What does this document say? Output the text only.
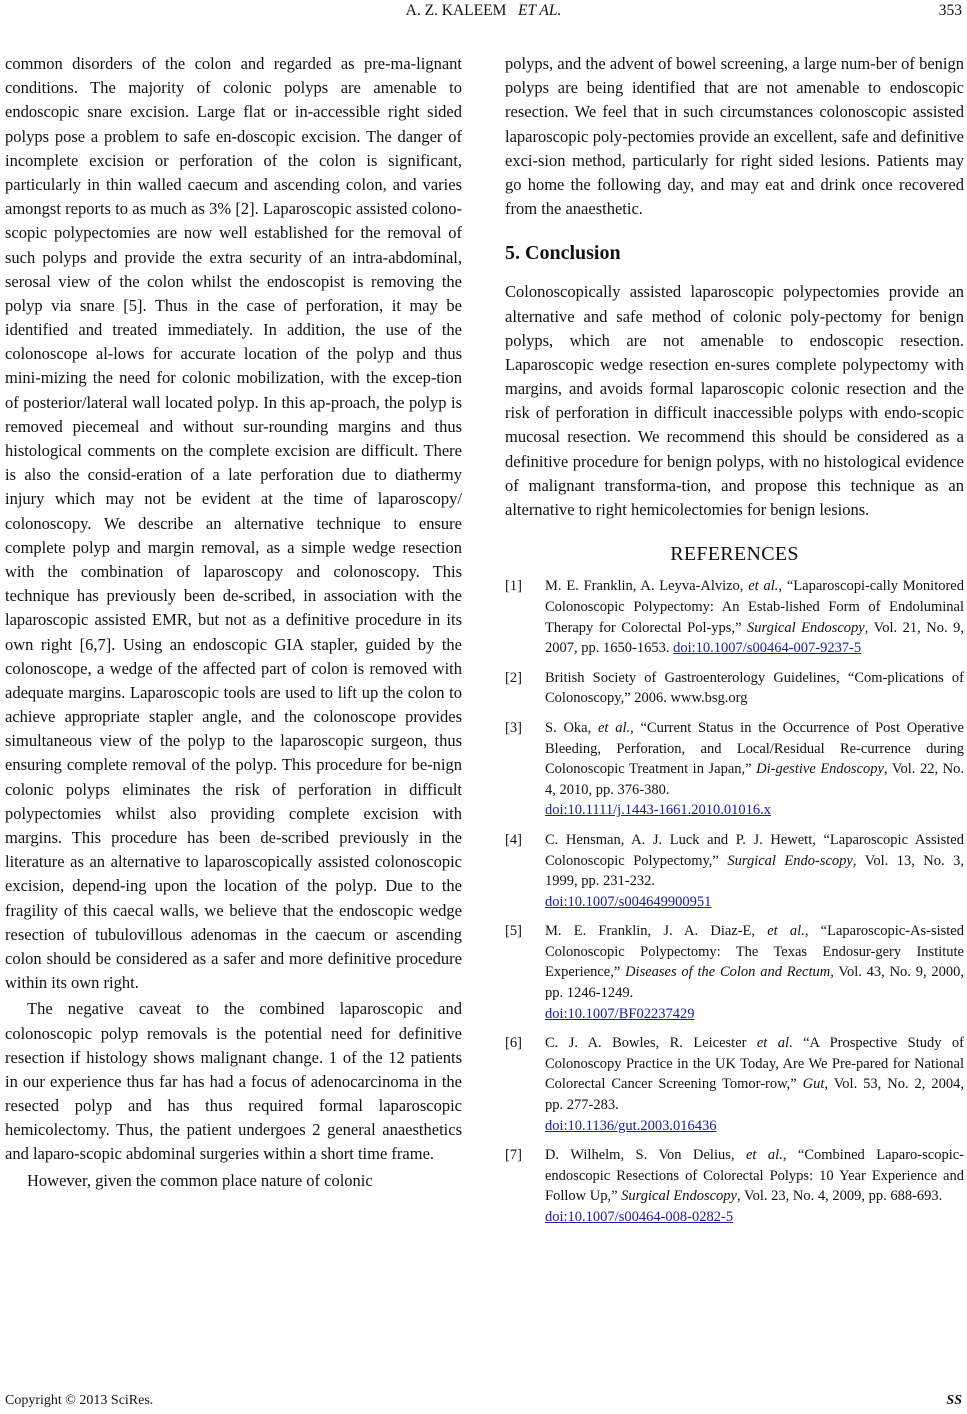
A. Z. KALEEM ET AL.	353

common disorders of the colon and regarded as pre-ma-lignant conditions. The majority of colonic polyps are amenable to endoscopic snare excision. Large flat or in-accessible right sided polyps pose a problem to safe en-doscopic excision. The danger of incomplete excision or perforation of the colon is significant, particularly in thin walled caecum and ascending colon, and varies amongst reports to as much as 3% [2]. Laparoscopic assisted colono-scopic polypectomies are now well established for the removal of such polyps and provide the extra security of an intra-abdominal, serosal view of the colon whilst the endoscopist is removing the polyp via snare [5]. Thus in the case of perforation, it may be identified and treated immediately. In addition, the use of the colonoscope al-lows for accurate location of the polyp and thus mini-mizing the need for colonic mobilization, with the excep-tion of posterior/lateral wall located polyp. In this ap-proach, the polyp is removed piecemeal and without sur-rounding margins and thus histological comments on the complete excision are difficult. There is also the consid-eration of a late perforation due to diathermy injury which may not be evident at the time of laparoscopy/ colonoscopy. We describe an alternative technique to ensure complete polyp and margin removal, as a simple wedge resection with the combination of laparoscopy and colonoscopy. This technique has previously been de-scribed, in association with the laparoscopic assisted EMR, but not as a definitive procedure in its own right [6,7]. Using an endoscopic GIA stapler, guided by the colonoscope, a wedge of the affected part of colon is removed with adequate margins. Laparoscopic tools are used to lift up the colon to achieve appropriate stapler angle, and the colonoscope provides simultaneous view of the polyp to the laparoscopic surgeon, thus ensuring complete removal of the polyp. This procedure for be-nign colonic polyps eliminates the risk of perforation in difficult polypectomies whilst also providing complete excision with margins. This procedure has been de-scribed previously in the literature as an alternative to laparoscopically assisted colonoscopic excision, depend-ing upon the location of the polyp. Due to the fragility of this caecal walls, we believe that the endoscopic wedge resection of tubulovillous adenomas in the caecum or ascending colon should be considered as a safer and more definitive procedure within its own right.

The negative caveat to the combined laparoscopic and colonoscopic polyp removals is the potential need for definitive resection if histology shows malignant change. 1 of the 12 patients in our experience thus far has had a focus of adenocarcinoma in the resected polyp and has thus required formal laparoscopic hemicolectomy. Thus, the patient undergoes 2 general anaesthetics and laparo-scopic abdominal surgeries within a short time frame.

However, given the common place nature of colonic

polyps, and the advent of bowel screening, a large num-ber of benign polyps are being identified that are not amenable to endoscopic resection. We feel that in such circumstances colonoscopic assisted laparoscopic poly-pectomies provide an excellent, safe and definitive exci-sion method, particularly for right sided lesions. Patients may go home the following day, and may eat and drink once recovered from the anaesthetic.

5. Conclusion

Colonoscopically assisted laparoscopic polypectomies provide an alternative and safe method of colonic poly-pectomy for benign polyps, which are not amenable to endoscopic resection. Laparoscopic wedge resection en-sures complete polypectomy with margins, and avoids formal laparoscopic colonic resection and the risk of perforation in difficult inaccessible polyps with endo-scopic mucosal resection. We recommend this should be considered as a definitive procedure for benign polyps, with no histological evidence of malignant transforma-tion, and propose this technique as an alternative to right hemicolectomies for benign lesions.

REFERENCES
[1] M. E. Franklin, A. Leyva-Alvizo, et al., “Laparoscopi-cally Monitored Colonoscopic Polypectomy: An Estab-lished Form of Endoluminal Therapy for Colorectal Pol-yps,” Surgical Endoscopy, Vol. 21, No. 9, 2007, pp. 1650-1653. doi:10.1007/s00464-007-9237-5
[2] British Society of Gastroenterology Guidelines, “Com-plications of Colonoscopy,” 2006. www.bsg.org
[3] S. Oka, et al., “Current Status in the Occurrence of Post Operative Bleeding, Perforation, and Local/Residual Re-currence during Colonoscopic Treatment in Japan,” Di-gestive Endoscopy, Vol. 22, No. 4, 2010, pp. 376-380.
doi:10.1111/j.1443-1661.2010.01016.x
[4] C. Hensman, A. J. Luck and P. J. Hewett, “Laparoscopic Assisted Colonoscopic Polypectomy,” Surgical Endo-scopy, Vol. 13, No. 3, 1999, pp. 231-232.
doi:10.1007/s004649900951
[5] M. E. Franklin, J. A. Diaz-E, et al., “Laparoscopic-As-sisted Colonoscopic Polypectomy: The Texas Endosur-gery Institute Experience,” Diseases of the Colon and Rectum, Vol. 43, No. 9, 2000, pp. 1246-1249.
doi:10.1007/BF02237429
[6] C. J. A. Bowles, R. Leicester et al. “A Prospective Study of Colonoscopy Practice in the UK Today, Are We Pre-pared for National Colorectal Cancer Screening Tomor-row,” Gut, Vol. 53, No. 2, 2004, pp. 277-283.
doi:10.1136/gut.2003.016436
[7] D. Wilhelm, S. Von Delius, et al., “Combined Laparo-scopic- endoscopic Resections of Colorectal Polyps: 10 Year Experience and Follow Up,” Surgical Endoscopy, Vol. 23, No. 4, 2009, pp. 688-693.
doi:10.1007/s00464-008-0282-5
Copyright © 2013 SciRes.	SS
